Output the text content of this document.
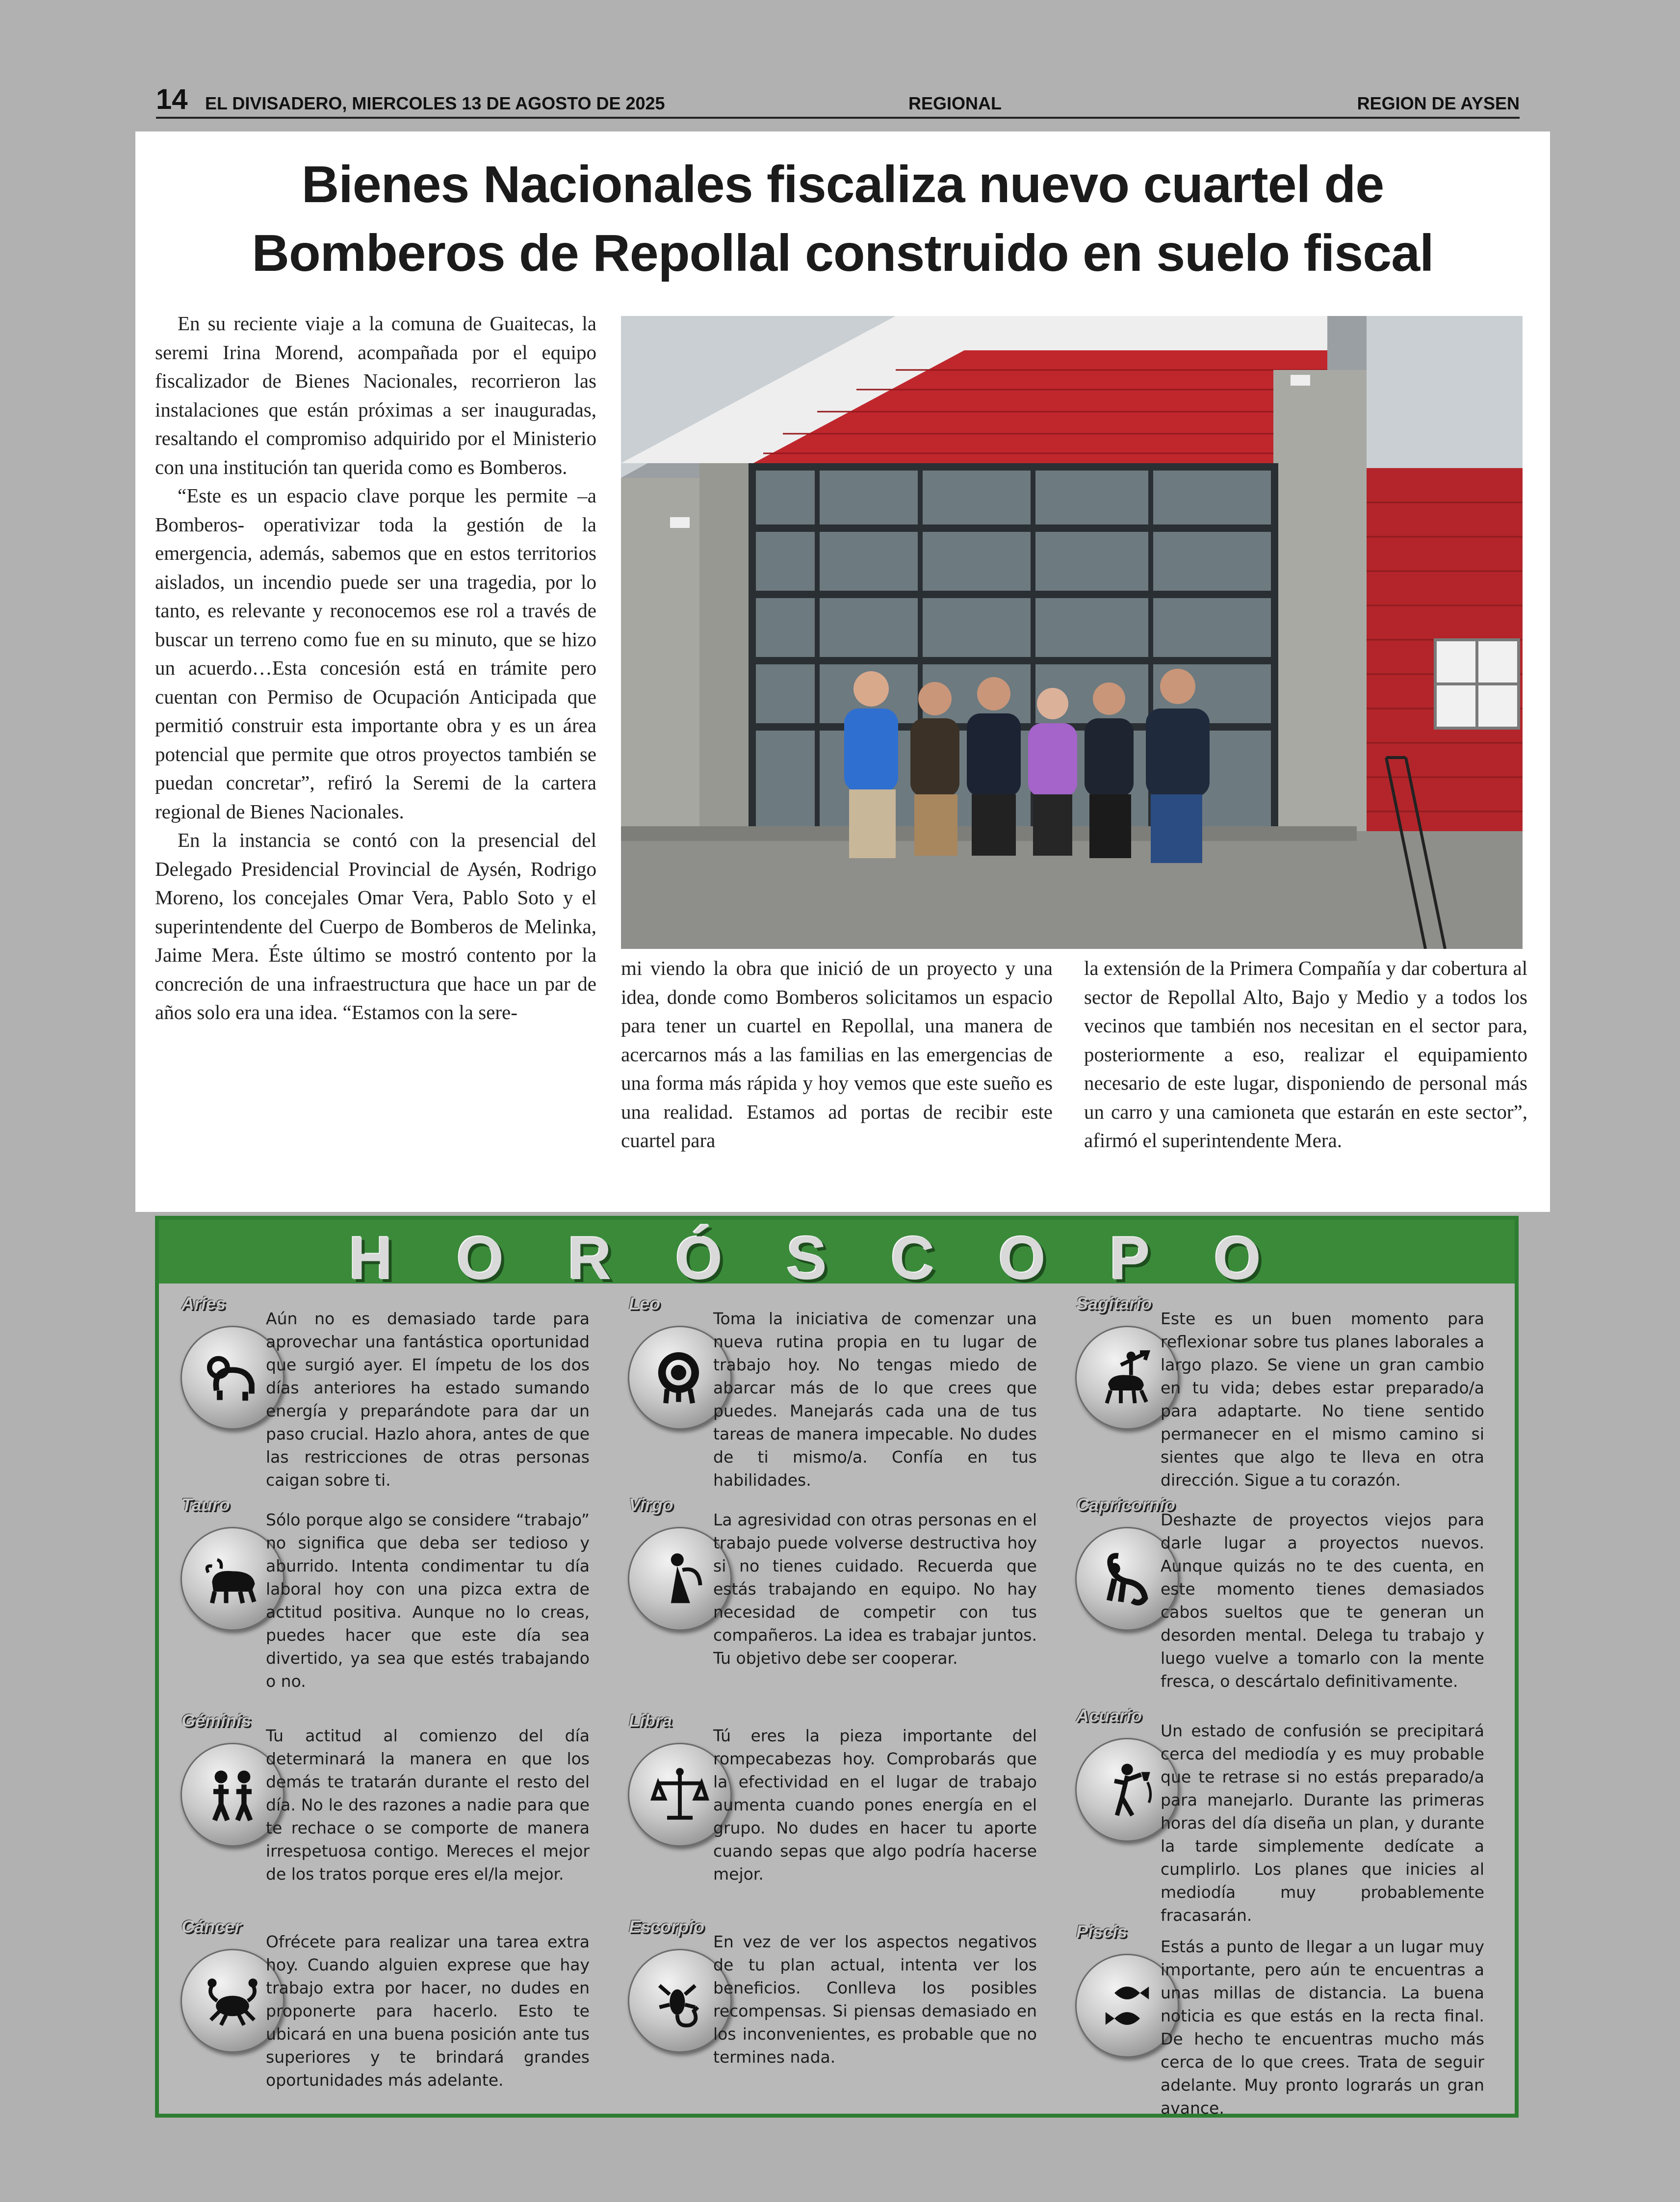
14 EL DIVISADERO, MIERCOLES 13 DE AGOSTO DE 2025	REGIONAL	REGION DE AYSEN
Bienes Nacionales fiscaliza nuevo cuartel de
Bomberos de Repollal construido en suelo fiscal

En su reciente viaje a la comuna de Guaitecas, la seremi Irina Morend, acompañada por el equipo fiscalizador de Bienes Nacionales, recorrieron las instalaciones que están próximas a ser inauguradas, resaltando el compromiso adquirido por el Ministerio con una institución tan querida como es Bomberos.

“Este es un espacio clave porque les permite –a Bomberos- operativizar toda la gestión de la emergencia, además, sabemos que en estos territorios aislados, un incendio puede ser una tragedia, por lo tanto, es relevante y reconocemos ese rol a través de buscar un terreno como fue en su minuto, que se hizo un acuerdo…Esta concesión está en trámite pero cuentan con Permiso de Ocupación Anticipada que permitió construir esta importante obra y es un área potencial que permite que otros proyectos también se puedan concretar”, refiró la Seremi de la cartera regional de Bienes Nacionales.

En la instancia se contó con la presencial del Delegado Presidencial Provincial de Aysén, Rodrigo Moreno, los concejales Omar Vera, Pablo Soto y el superintendente del Cuerpo de Bomberos de Melinka, Jaime Mera. Éste último se mostró contento por la concreción de una infraestructura que hace un par de años solo era una idea. “Estamos con la sere-

mi viendo la obra que inició de un proyecto y una idea, donde como Bomberos solicitamos un espacio para tener un cuartel en Repollal, una manera de acercarnos más a las familias en las emergencias de una forma más rápida y hoy vemos que este sueño es una realidad. Estamos ad portas de recibir este cuartel para

la extensión de la Primera Compañía y dar cobertura al sector de Repollal Alto, Bajo y Medio y a todos los vecinos que también nos necesitan en el sector para, posteriormente a eso, realizar el equipamiento necesario de este lugar, disponiendo de personal más un carro y una camioneta que estarán en este sector”, afirmó el superintendente Mera.

HORÓSCOPO
Aries
Aún no es demasiado tarde para aprovechar una fantástica oportunidad que surgió ayer. El ímpetu de los dos días anteriores ha estado sumando energía y preparándote para dar un paso crucial. Hazlo ahora, antes de que las restricciones de otras personas caigan sobre ti.
Tauro
Sólo porque algo se considere “trabajo” no significa que deba ser tedioso y aburrido. Intenta condimentar tu día laboral hoy con una pizca extra de actitud positiva. Aunque no lo creas, puedes hacer que este día sea divertido, ya sea que estés trabajando o no.
Géminis
Tu actitud al comienzo del día determinará la manera en que los demás te tratarán durante el resto del día. No le des razones a nadie para que te rechace o se comporte de manera irrespetuosa contigo. Mereces el mejor de los tratos porque eres el/la mejor.
Cáncer
Ofrécete para realizar una tarea extra hoy. Cuando alguien exprese que hay trabajo extra por hacer, no dudes en proponerte para hacerlo. Esto te ubicará en una buena posición ante tus superiores y te brindará grandes oportunidades más adelante.
Leo
Toma la iniciativa de comenzar una nueva rutina propia en tu lugar de trabajo hoy. No tengas miedo de abarcar más de lo que crees que puedes. Manejarás cada una de tus tareas de manera impecable. No dudes de ti mismo/a. Confía en tus habilidades.
Virgo
La agresividad con otras personas en el trabajo puede volverse destructiva hoy si no tienes cuidado. Recuerda que estás trabajando en equipo. No hay necesidad de competir con tus compañeros. La idea es trabajar juntos. Tu objetivo debe ser cooperar.
Libra
Tú eres la pieza importante del rompecabezas hoy. Comprobarás que la efectividad en el lugar de trabajo aumenta cuando pones energía en el grupo. No dudes en hacer tu aporte cuando sepas que algo podría hacerse mejor.
Escorpio
En vez de ver los aspectos negativos de tu plan actual, intenta ver los beneficios. Conlleva los posibles recompensas. Si piensas demasiado en los inconvenientes, es probable que no termines nada.
Sagitario
Este es un buen momento para reflexionar sobre tus planes laborales a largo plazo. Se viene un gran cambio en tu vida; debes estar preparado/a para adaptarte. No tiene sentido permanecer en el mismo camino si sientes que algo te lleva en otra dirección. Sigue a tu corazón.
Capricornio
Deshazte de proyectos viejos para darle lugar a proyectos nuevos. Aunque quizás no te des cuenta, en este momento tienes demasiados cabos sueltos que te generan un desorden mental. Delega tu trabajo y luego vuelve a tomarlo con la mente fresca, o descártalo definitivamente.
Acuario
Un estado de confusión se precipitará cerca del mediodía y es muy probable que te retrase si no estás preparado/a para manejarlo. Durante las primeras horas del día diseña un plan, y durante la tarde simplemente dedícate a cumplirlo. Los planes que inicies al mediodía muy probablemente fracasarán.
Piscis
Estás a punto de llegar a un lugar muy importante, pero aún te encuentras a unas millas de distancia. La buena noticia es que estás en la recta final. De hecho te encuentras mucho más cerca de lo que crees. Trata de seguir adelante. Muy pronto lograrás un gran avance.
